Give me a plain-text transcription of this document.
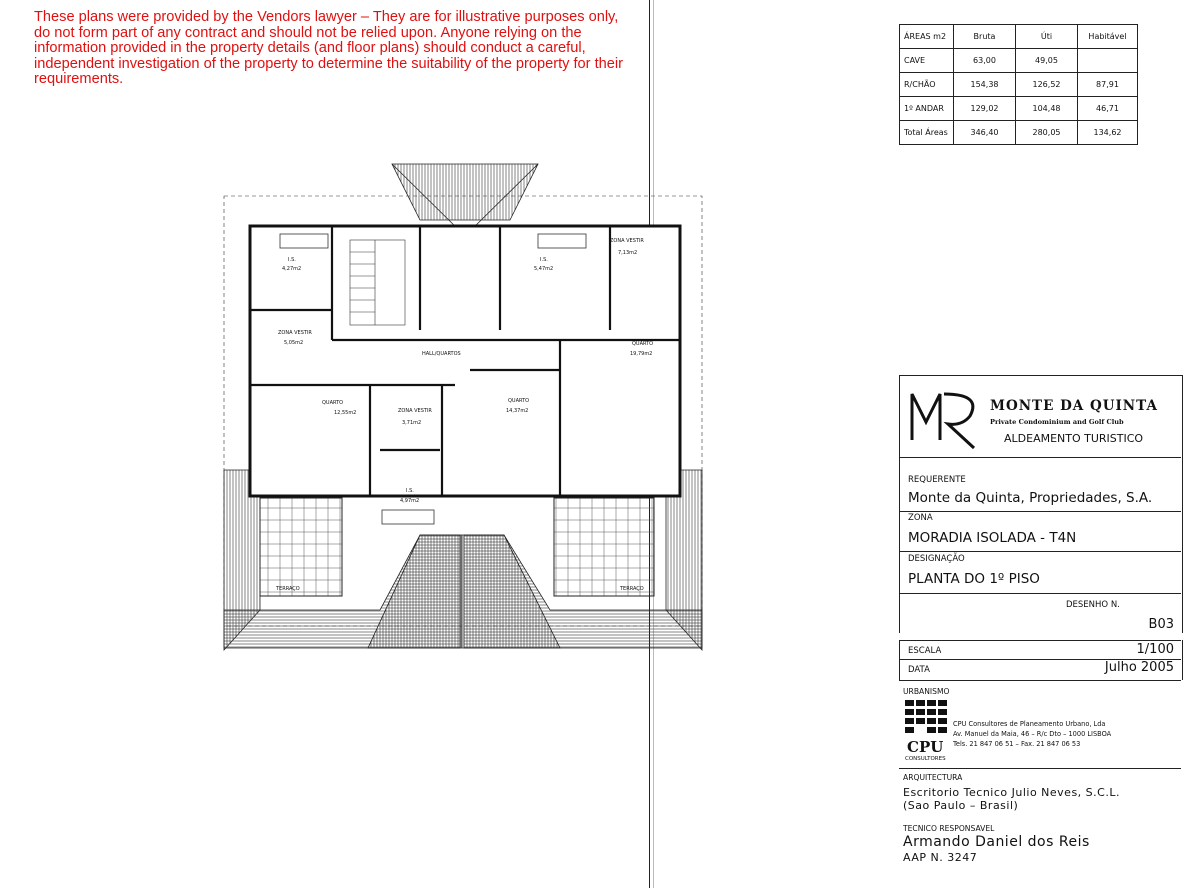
These plans were provided by the Vendors lawyer – They are for illustrative purposes only, do not form part of any contract and should not be relied upon. Anyone relying on the information provided in the property details (and floor plans) should conduct a careful, independent investigation of the property to determine the suitability of the property for their requirements.
ÁREAS m2	Bruta	Úti	Habitável
CAVE	63,00	49,05	
R/CHÃO	154,38	126,52	87,91
1º ANDAR	129,02	104,48	46,71
Total Áreas	346,40	280,05	134,62
I.S.
4,27m2
I.S.
5,47m2
ZONA VESTIR
7,13m2
ZONA VESTIR
5,05m2
HALL/QUARTOS
QUARTO
19,79m2
QUARTO
12,55m2	ZONA VESTIR
3,71m2
QUARTO
14,37m2
I.S.
4,97m2
TERRAÇO	TERRAÇO
MONTE DA QUINTA
Private Condominium and Golf Club
ALDEAMENTO TURISTICO
REQUERENTE
Monte da Quinta, Propriedades, S.A.
ZONA
MORADIA ISOLADA - T4N
DESIGNAÇÃO
PLANTA DO 1º PISO
DESENHO N.
B03
ESCALA	1/100
DATA	Julho 2005
URBANISMO
CPU
CONSULTORES
CPU Consultores de Planeamento Urbano, Lda
Av. Manuel da Maia, 46 – R/c Dto – 1000 LISBOA
Tels. 21 847 06 51 – Fax. 21 847 06 53
ARQUITECTURA
Escritorio Tecnico Julio Neves, S.C.L.
(Sao Paulo – Brasil)
TECNICO RESPONSAVEL
Armando Daniel dos Reis
AAP N. 3247
